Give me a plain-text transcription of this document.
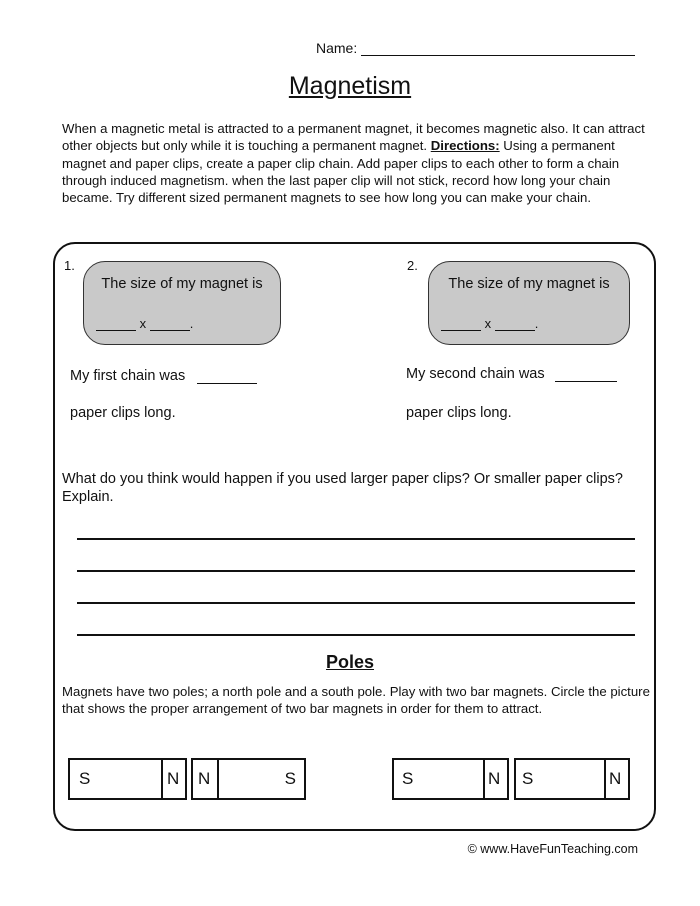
Name:
Magnetism
When a magnetic metal is attracted to a permanent magnet, it becomes magnetic also. It can attract other objects but only while it is touching a permanent magnet. Directions: Using a permanent magnet and paper clips, create a paper clip chain. Add paper clips to each other to form a chain through induced magnetism. when the last paper clip will not stick, record how long your chain became. Try different sized permanent magnets to see how long you can make your chain.
1.
The size of my magnet is
x	.
My first chain was
paper clips long.
2.
The size of my magnet is
x	.
My second chain was
paper clips long.
What do you think would happen if you used larger paper clips? Or smaller paper clips? Explain.
Poles
Magnets have two poles; a north pole and a south pole. Play with two bar magnets. Circle the picture that shows the proper arrangement of two bar magnets in order for them to attract.
S	N	N	S	S	N	S	N
© www.HaveFunTeaching.com
